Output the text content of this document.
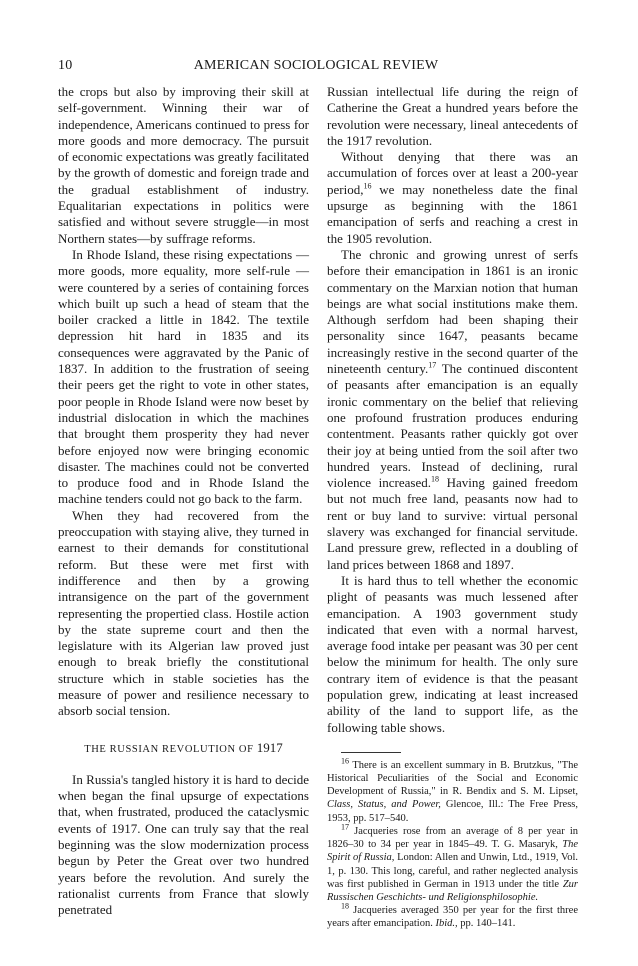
10	AMERICAN SOCIOLOGICAL REVIEW

the crops but also by improving their skill at self-government. Winning their war of independence, Americans continued to press for more goods and more democracy. The pursuit of economic expectations was greatly facilitated by the growth of domestic and foreign trade and the gradual establishment of industry. Equalitarian expectations in politics were satisfied and without severe struggle—in most Northern states—by suffrage reforms.

In Rhode Island, these rising expectations —more goods, more equality, more self-rule —were countered by a series of containing forces which built up such a head of steam that the boiler cracked a little in 1842. The textile depression hit hard in 1835 and its consequences were aggravated by the Panic of 1837. In addition to the frustration of seeing their peers get the right to vote in other states, poor people in Rhode Island were now beset by industrial dislocation in which the machines that brought them prosperity they had never before enjoyed now were bringing economic disaster. The machines could not be converted to produce food and in Rhode Island the machine tenders could not go back to the farm.

When they had recovered from the preoccupation with staying alive, they turned in earnest to their demands for constitutional reform. But these were met first with indifference and then by a growing intransigence on the part of the government representing the propertied class. Hostile action by the state supreme court and then the legislature with its Algerian law proved just enough to break briefly the constitutional structure which in stable societies has the measure of power and resilience necessary to absorb social tension.

THE RUSSIAN REVOLUTION OF 1917

In Russia's tangled history it is hard to decide when began the final upsurge of expectations that, when frustrated, produced the cataclysmic events of 1917. One can truly say that the real beginning was the slow modernization process begun by Peter the Great over two hundred years before the revolution. And surely the rationalist currents from France that slowly penetrated

Russian intellectual life during the reign of Catherine the Great a hundred years before the revolution were necessary, lineal antecedents of the 1917 revolution.

Without denying that there was an accumulation of forces over at least a 200-year period,$^{16}$ we may nonetheless date the final upsurge as beginning with the 1861 emancipation of serfs and reaching a crest in the 1905 revolution.

The chronic and growing unrest of serfs before their emancipation in 1861 is an ironic commentary on the Marxian notion that human beings are what social institutions make them. Although serfdom had been shaping their personality since 1647, peasants became increasingly restive in the second quarter of the nineteenth century.$^{17}$ The continued discontent of peasants after emancipation is an equally ironic commentary on the belief that relieving one profound frustration produces enduring contentment. Peasants rather quickly got over their joy at being untied from the soil after two hundred years. Instead of declining, rural violence increased.$^{18}$ Having gained freedom but not much free land, peasants now had to rent or buy land to survive: virtual personal slavery was exchanged for financial servitude. Land pressure grew, reflected in a doubling of land prices between 1868 and 1897.

It is hard thus to tell whether the economic plight of peasants was much lessened after emancipation. A 1903 government study indicated that even with a normal harvest, average food intake per peasant was 30 per cent below the minimum for health. The only sure contrary item of evidence is that the peasant population grew, indicating at least increased ability of the land to support life, as the following table shows.

$^{16}$ There is an excellent summary in B. Brutzkus, "The Historical Peculiarities of the Social and Economic Development of Russia," in R. Bendix and S. M. Lipset, Class, Status, and Power, Glencoe, Ill.: The Free Press, 1953, pp. 517–540.

$^{17}$ Jacqueries rose from an average of 8 per year in 1826–30 to 34 per year in 1845–49. T. G. Masaryk, The Spirit of Russia, London: Allen and Unwin, Ltd., 1919, Vol. 1, p. 130. This long, careful, and rather neglected analysis was first published in German in 1913 under the title Zur Russischen Geschichts- und Religionsphilosophie.

$^{18}$ Jacqueries averaged 350 per year for the first three years after emancipation. Ibid., pp. 140–141.
